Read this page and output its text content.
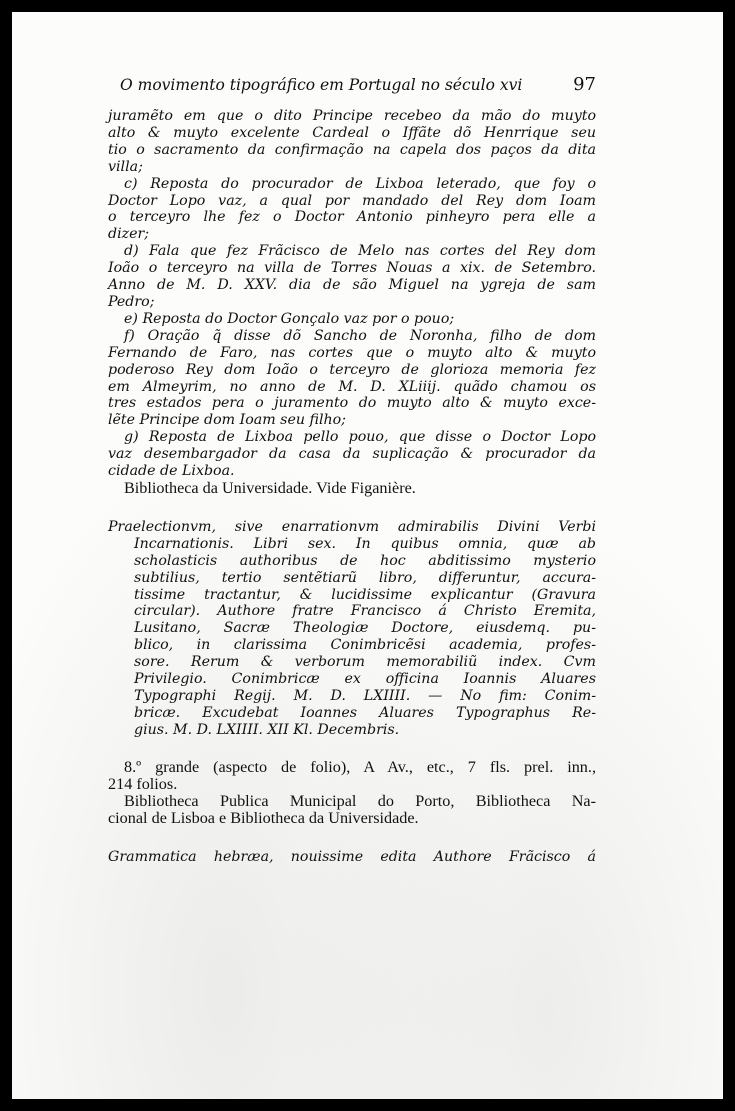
O movimento tipográfico em Portugal no século xvi	97
juramẽto em que o dito Principe recebeo da mão do muyto
alto & muyto excelente Cardeal o Iffãte dõ Henrrique seu
tio o sacramento da confirmação na capela dos paços da dita
villa;
c) Reposta do procurador de Lixboa leterado, que foy o
Doctor Lopo vaz, a qual por mandado del Rey dom Ioam
o terceyro lhe fez o Doctor Antonio pinheyro pera elle a
dizer;
d) Fala que fez Frãcisco de Melo nas cortes del Rey dom
Ioão o terceyro na villa de Torres Nouas a xix. de Setembro.
Anno de M. D. XXV. dia de são Miguel na ygreja de sam
Pedro;
e) Reposta do Doctor Gonçalo vaz por o pouo;
f) Oração q̃ disse dõ Sancho de Noronha, filho de dom
Fernando de Faro, nas cortes que o muyto alto & muyto
poderoso Rey dom Ioão o terceyro de glorioza memoria fez
em Almeyrim, no anno de M. D. XLiiij. quãdo chamou os
tres estados pera o juramento do muyto alto & muyto exce-
lẽte Principe dom Ioam seu filho;
g) Reposta de Lixboa pello pouo, que disse o Doctor Lopo
vaz desembargador da casa da suplicação & procurador da
cidade de Lixboa.
Bibliotheca da Universidade. Vide Figanière.
Praelectionvm, sive enarrationvm admirabilis Divini Verbi
Incarnationis. Libri sex. In quibus omnia, quæ ab
scholasticis authoribus de hoc abditissimo mysterio
subtilius, tertio sentẽtiarũ libro, differuntur, accura-
tissime tractantur, & lucidissime explicantur (Gravura
circular). Authore fratre Francisco á Christo Eremita,
Lusitano, Sacræ Theologiæ Doctore, eiusdemq. pu-
blico, in clarissima Conimbricẽsi academia, profes-
sore. Rerum & verborum memorabiliũ index. Cvm
Privilegio. Conimbricæ ex officina Ioannis Aluares
Typographi Regij. M. D. LXIIII. — No fim: Conim-
bricæ. Excudebat Ioannes Aluares Typographus Re-
gius. M. D. LXIIII. XII Kl. Decembris.
8.º grande (aspecto de folio), A Av., etc., 7 fls. prel. inn.,
214 folios.
Bibliotheca Publica Municipal do Porto, Bibliotheca Na-
cional de Lisboa e Bibliotheca da Universidade.
Grammatica hebræa, nouissime edita Authore Frãcisco á
